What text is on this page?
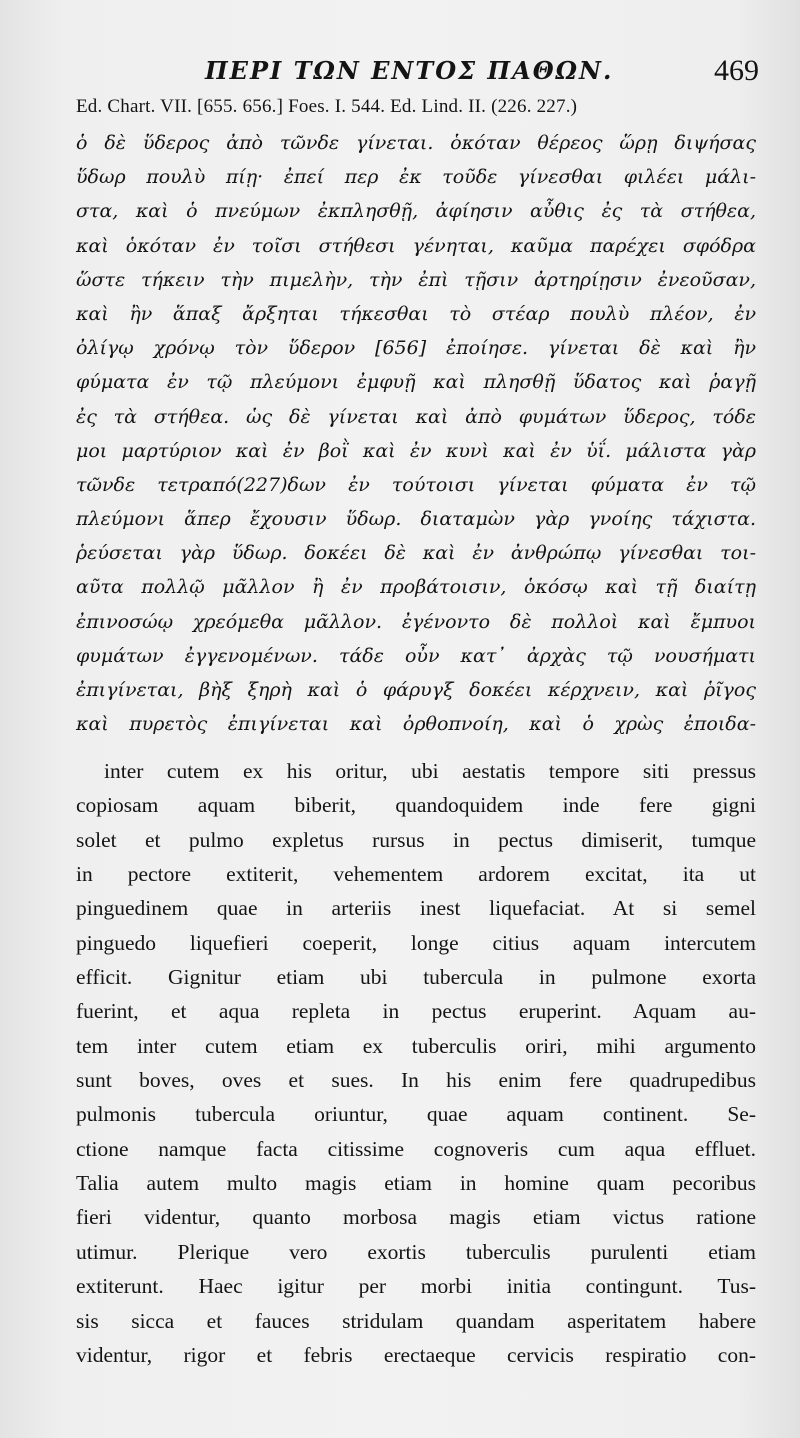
ΠΕΡΙ ΤΩΝ ΕΝΤΟΣ ΠΑΘΩΝ.	469
Ed. Chart. VII. [655. 656.] Foes. I. 544. Ed. Lind. II. (226. 227.)
ὁ δὲ ὕδερος ἀπὸ τῶνδε γίνεται. ὁκόταν θέρεος ὥρῃ διψήσας
ὕδωρ πουλὺ πίῃ· ἐπεί περ ἐκ τοῦδε γίνεσθαι φιλέει μάλι-
στα, καὶ ὁ πνεύμων ἐκπλησθῇ, ἀφίησιν αὖθις ἐς τὰ στήθεα,
καὶ ὁκόταν ἐν τοῖσι στήθεσι γένηται, καῦμα παρέχει σφόδρα
ὥστε τήκειν τὴν πιμελὴν, τὴν ἐπὶ τῇσιν ἀρτηρίῃσιν ἐνεοῦσαν,
καὶ ἢν ἅπαξ ἄρξηται τήκεσθαι τὸ στέαρ πουλὺ πλέον, ἐν
ὀλίγῳ χρόνῳ τὸν ὕδερον [656] ἐποίησε. γίνεται δὲ καὶ ἢν
φύματα ἐν τῷ πλεύμονι ἐμφυῇ καὶ πλησθῇ ὕδατος καὶ ῥαγῇ
ἐς τὰ στήθεα. ὡς δὲ γίνεται καὶ ἀπὸ φυμάτων ὕδερος, τόδε
μοι μαρτύριον καὶ ἐν βοῒ καὶ ἐν κυνὶ καὶ ἐν ὑΐ. μάλιστα γὰρ
τῶνδε τετραπό(227)δων ἐν τούτοισι γίνεται φύματα ἐν τῷ
πλεύμονι ἅπερ ἔχουσιν ὕδωρ. διαταμὼν γὰρ γνοίης τάχιστα.
ῥεύσεται γὰρ ὕδωρ. δοκέει δὲ καὶ ἐν ἀνθρώπῳ γίνεσθαι τοι-
αῦτα πολλῷ μᾶλλον ἢ ἐν προβάτοισιν, ὁκόσῳ καὶ τῇ διαίτῃ
ἐπινοσώῳ χρεόμεθα μᾶλλον. ἐγένοντο δὲ πολλοὶ καὶ ἔμπυοι
φυμάτων ἐγγενομένων. τάδε οὖν κατ᾽ ἀρχὰς τῷ νουσήματι
ἐπιγίνεται, βὴξ ξηρὴ καὶ ὁ φάρυγξ δοκέει κέρχνειν, καὶ ῥῖγος
καὶ πυρετὸς ἐπιγίνεται καὶ ὀρθοπνοίη, καὶ ὁ χρὼς ἐποιδα-
inter cutem ex his oritur, ubi aestatis tempore siti pressus
copiosam aquam biberit, quandoquidem inde fere gigni
solet et pulmo expletus rursus in pectus dimiserit, tumque
in pectore extiterit, vehementem ardorem excitat, ita ut
pinguedinem quae in arteriis inest liquefaciat. At si semel
pinguedo liquefieri coeperit, longe citius aquam intercutem
efficit. Gignitur etiam ubi tubercula in pulmone exorta
fuerint, et aqua repleta in pectus eruperint. Aquam au-
tem inter cutem etiam ex tuberculis oriri, mihi argumento
sunt boves, oves et sues. In his enim fere quadrupedibus
pulmonis tubercula oriuntur, quae aquam continent. Se-
ctione namque facta citissime cognoveris cum aqua effluet.
Talia autem multo magis etiam in homine quam pecoribus
fieri videntur, quanto morbosa magis etiam victus ratione
utimur. Plerique vero exortis tuberculis purulenti etiam
extiterunt. Haec igitur per morbi initia contingunt. Tus-
sis sicca et fauces stridulam quandam asperitatem habere
videntur, rigor et febris erectaeque cervicis respiratio con-
